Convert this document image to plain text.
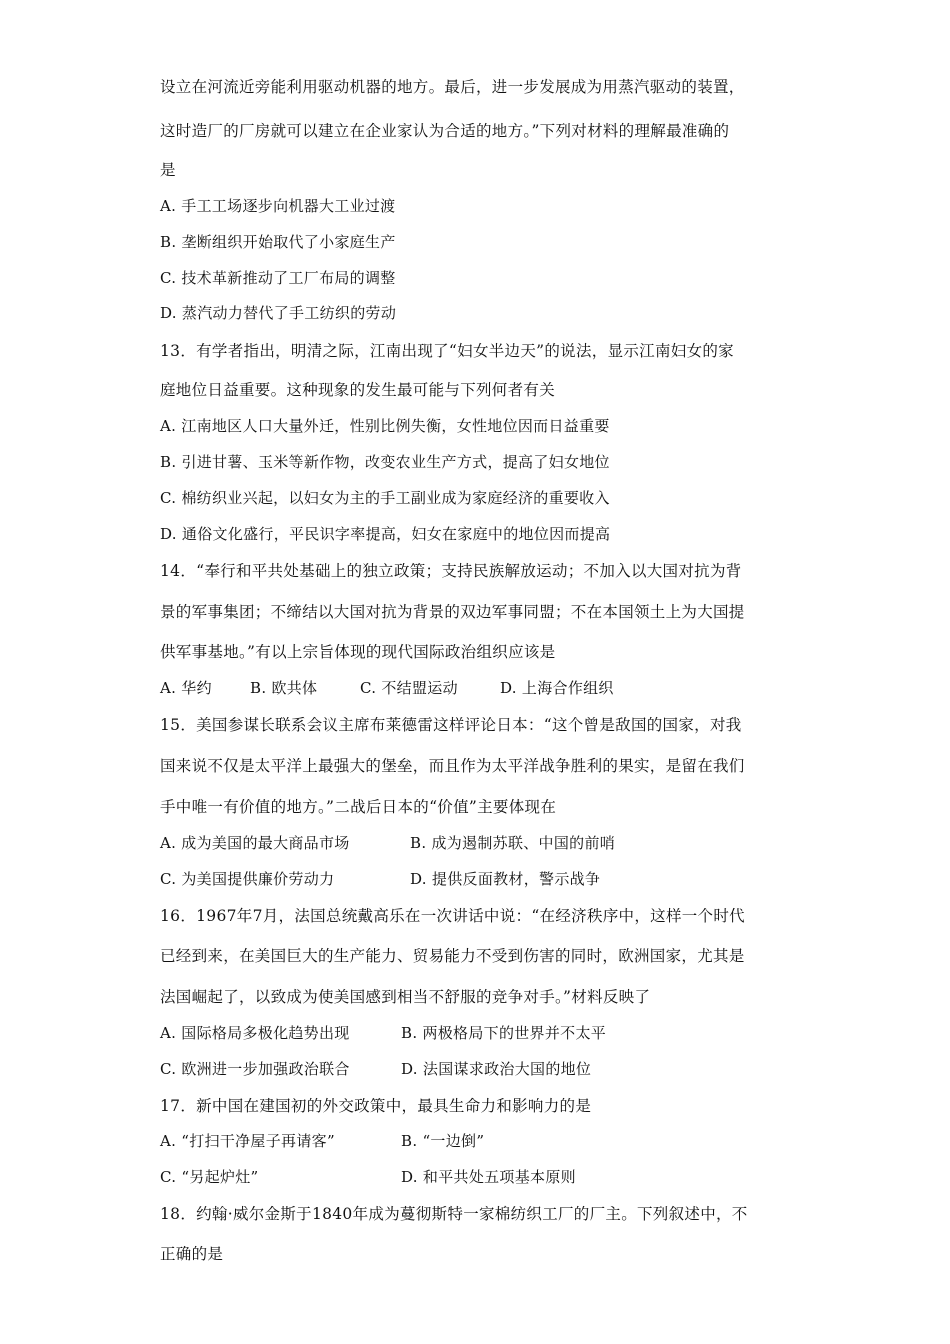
设立在河流近旁能利用驱动机器的地方。最后，进一步发展成为用蒸汽驱动的装置，
这时造厂的厂房就可以建立在企业家认为合适的地方。”下列对材料的理解最准确的
是
A. 手工工场逐步向机器大工业过渡
B. 垄断组织开始取代了小家庭生产
C. 技术革新推动了工厂布局的调整
D. 蒸汽动力替代了手工纺织的劳动
13．有学者指出，明清之际，江南出现了“妇女半边天”的说法，显示江南妇女的家
庭地位日益重要。这种现象的发生最可能与下列何者有关
A. 江南地区人口大量外迁，性别比例失衡，女性地位因而日益重要
B. 引进甘薯、玉米等新作物，改变农业生产方式，提高了妇女地位
C. 棉纺织业兴起，以妇女为主的手工副业成为家庭经济的重要收入
D. 通俗文化盛行，平民识字率提高，妇女在家庭中的地位因而提高
14．“奉行和平共处基础上的独立政策；支持民族解放运动；不加入以大国对抗为背
景的军事集团；不缔结以大国对抗为背景的双边军事同盟；不在本国领土上为大国提
供军事基地。”有以上宗旨体现的现代国际政治组织应该是
A. 华约	B. 欧共体	C. 不结盟运动	D. 上海合作组织
15．美国参谋长联系会议主席布莱德雷这样评论日本：“这个曾是敌国的国家，对我
国来说不仅是太平洋上最强大的堡垒，而且作为太平洋战争胜利的果实，是留在我们
手中唯一有价值的地方。”二战后日本的“价值”主要体现在
A. 成为美国的最大商品市场	B. 成为遏制苏联、中国的前哨
C. 为美国提供廉价劳动力	D. 提供反面教材，警示战争
16．1967年7月，法国总统戴高乐在一次讲话中说：“在经济秩序中，这样一个时代
已经到来，在美国巨大的生产能力、贸易能力不受到伤害的同时，欧洲国家，尤其是
法国崛起了，以致成为使美国感到相当不舒服的竞争对手。”材料反映了
A. 国际格局多极化趋势出现	B. 两极格局下的世界并不太平
C. 欧洲进一步加强政治联合	D. 法国谋求政治大国的地位
17．新中国在建国初的外交政策中，最具生命力和影响力的是
A. “打扫干净屋子再请客”	B. “一边倒”
C. “另起炉灶”	D. 和平共处五项基本原则
18．约翰·威尔金斯于1840年成为蔓彻斯特一家棉纺织工厂的厂主。下列叙述中，不
正确的是
